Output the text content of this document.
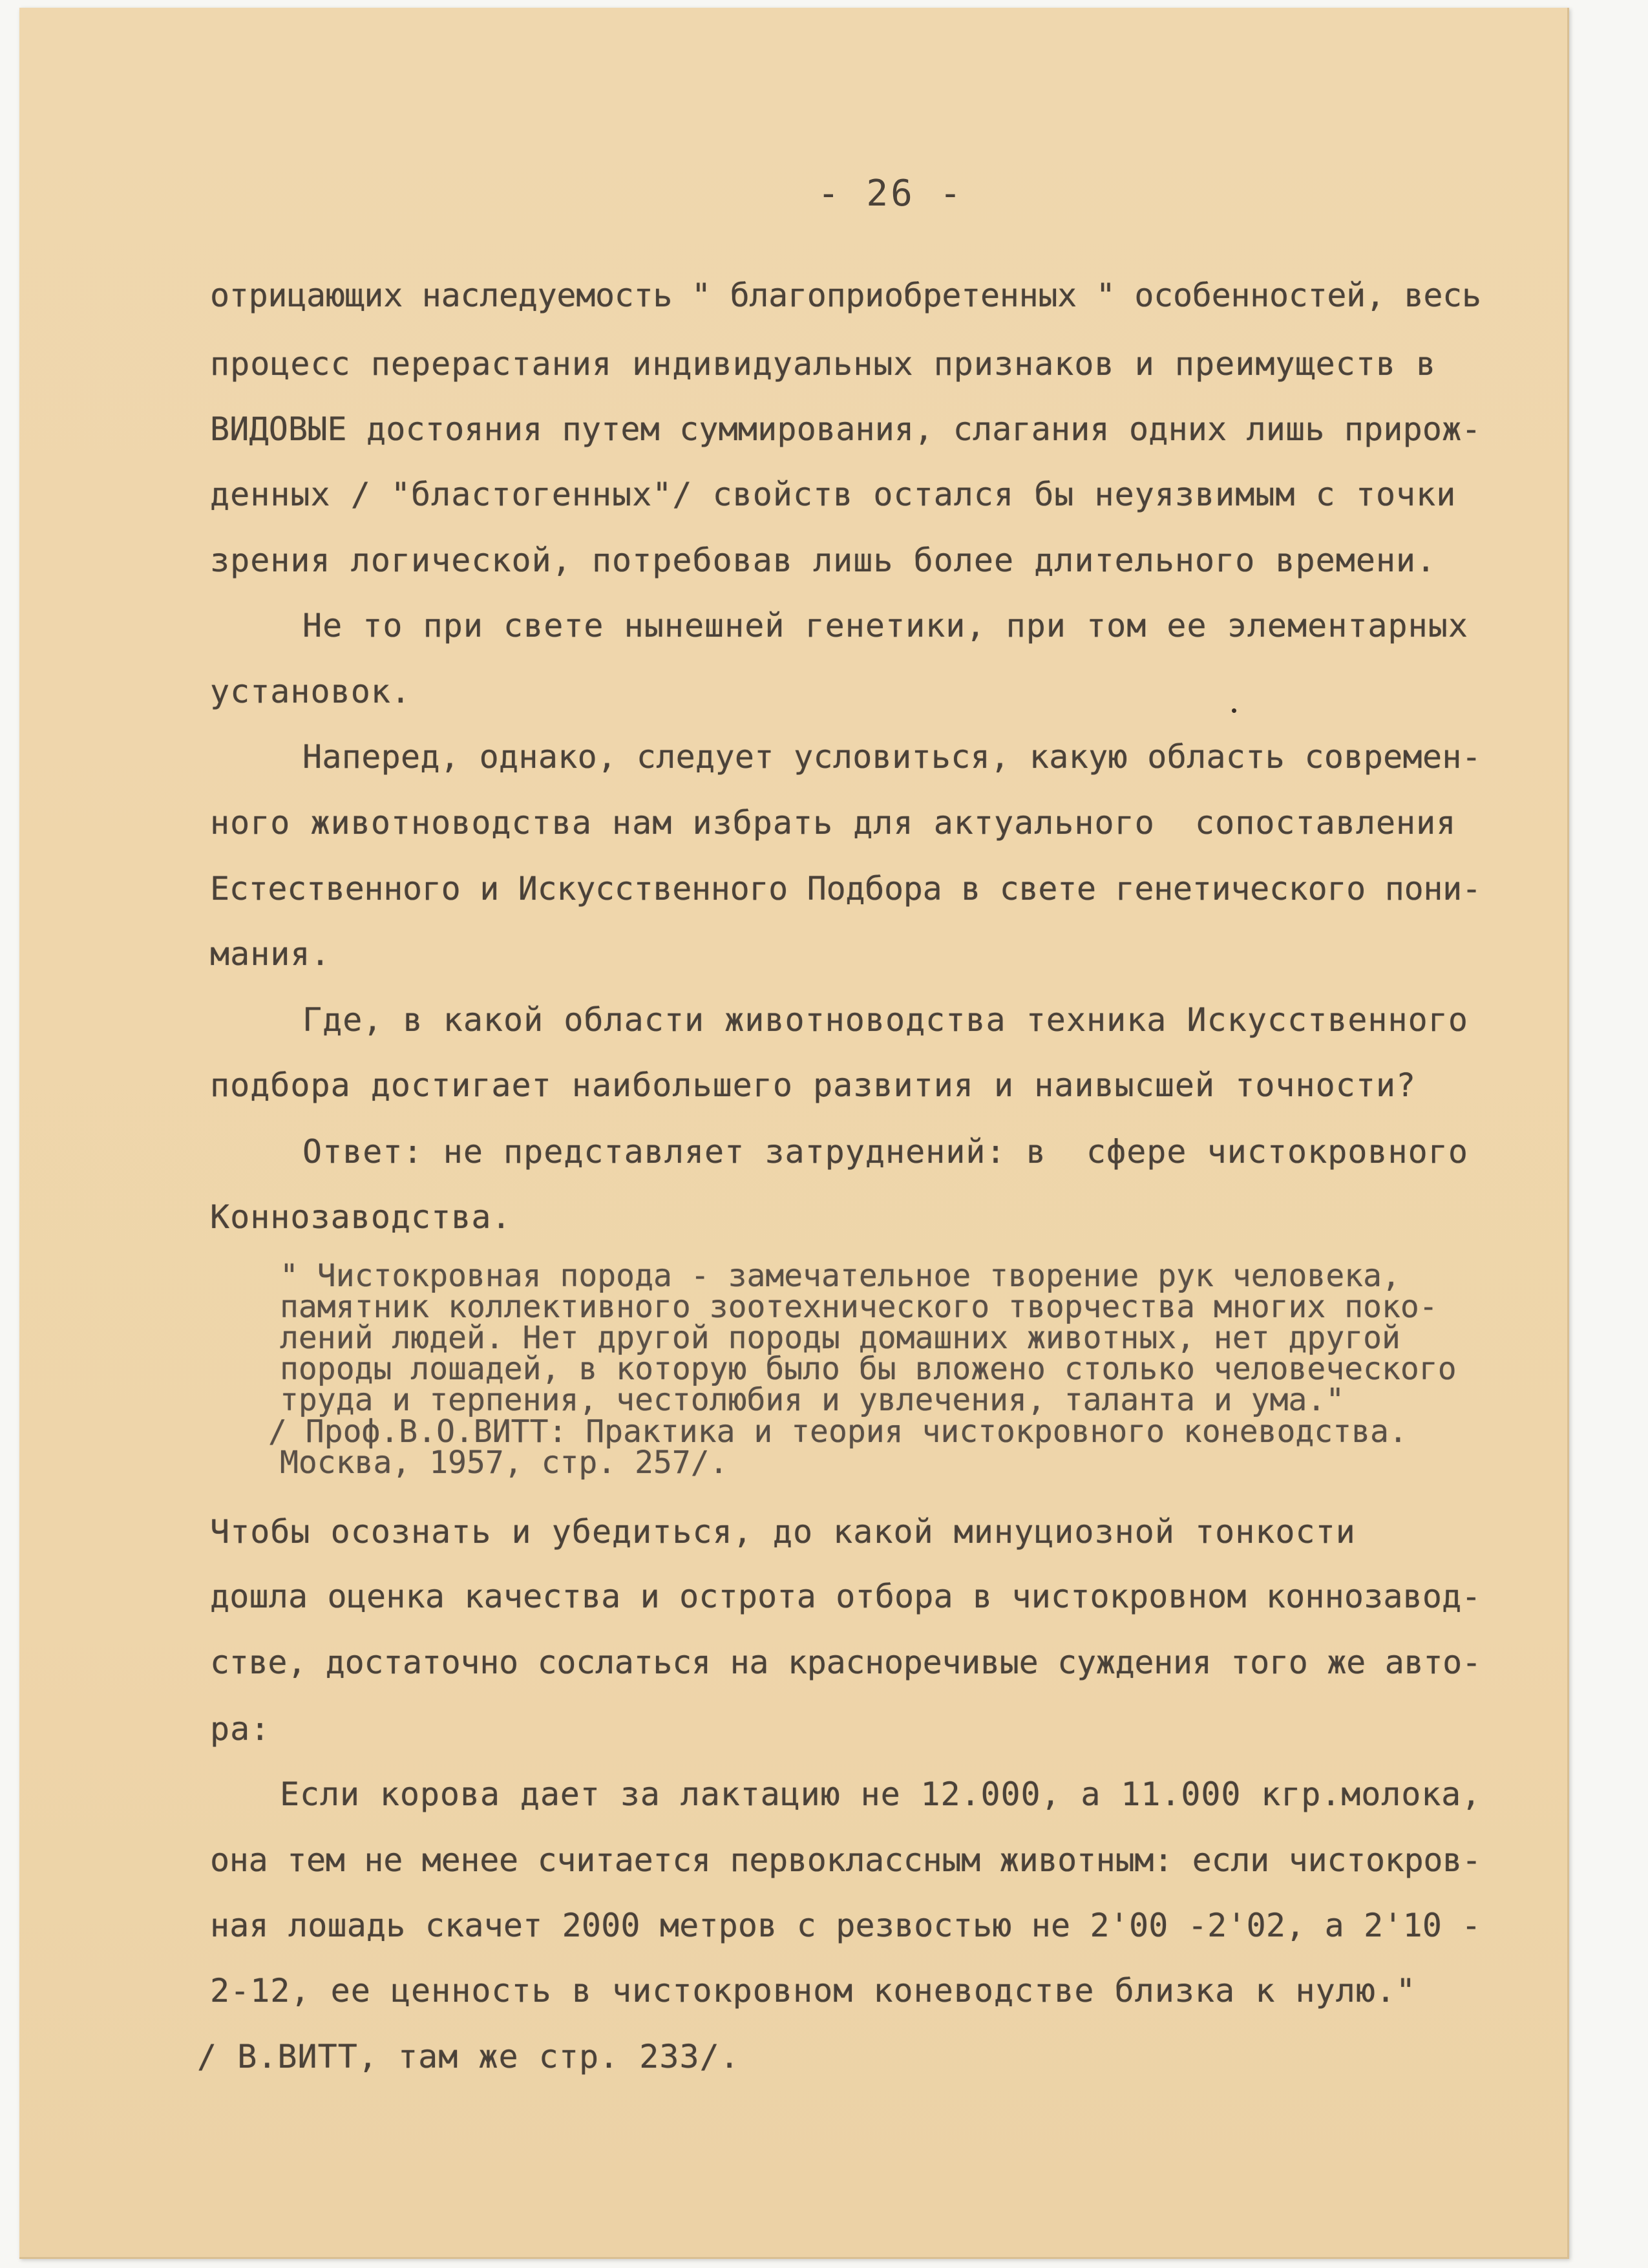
- 26 -
отрицающих наследуемость " благоприобретенных " особенностей, весь
процесс перерастания индивидуальных признаков и преимуществ в
ВИДОВЫЕ достояния путем суммирования, слагания одних лишь прирож-
денных / "бластогенных"/ свойств остался бы неуязвимым с точки
зрения логической, потребовав лишь более длительного времени.
Не то при свете нынешней генетики, при том ее элементарных
установок.
Наперед, однако, следует условиться, какую область современ-
ного животноводства нам избрать для актуального  сопоставления
Естественного и Искусственного Подбора в свете генетического пони-
мания.
Где, в какой области животноводства техника Искусственного
подбора достигает наибольшего развития и наивысшей точности?
Ответ: не представляет затруднений: в  сфере чистокровного
Коннозаводства.
" Чистокровная порода - замечательное творение рук человека,
памятник коллективного зоотехнического творчества многих поко-
лений людей. Нет другой породы домашних животных, нет другой
породы лошадей, в которую было бы вложено столько человеческого
труда и терпения, честолюбия и увлечения, таланта и ума."
/ Проф.В.О.ВИТТ: Практика и теория чистокровного коневодства.
Москва, 1957, стр. 257/.
Чтобы осознать и убедиться, до какой минуциозной тонкости
дошла оценка качества и острота отбора в чистокровном коннозавод-
стве, достаточно сослаться на красноречивые суждения того же авто-
ра:
Если корова дает за лактацию не 12.000, а 11.000 кгр.молока,
она тем не менее считается первоклассным животным: если чистокров-
ная лошадь скачет 2000 метров с резвостью не 2'00 -2'02, а 2'10 -
2-12, ее ценность в чистокровном коневодстве близка к нулю."
/ В.ВИТТ, там же стр. 233/.
